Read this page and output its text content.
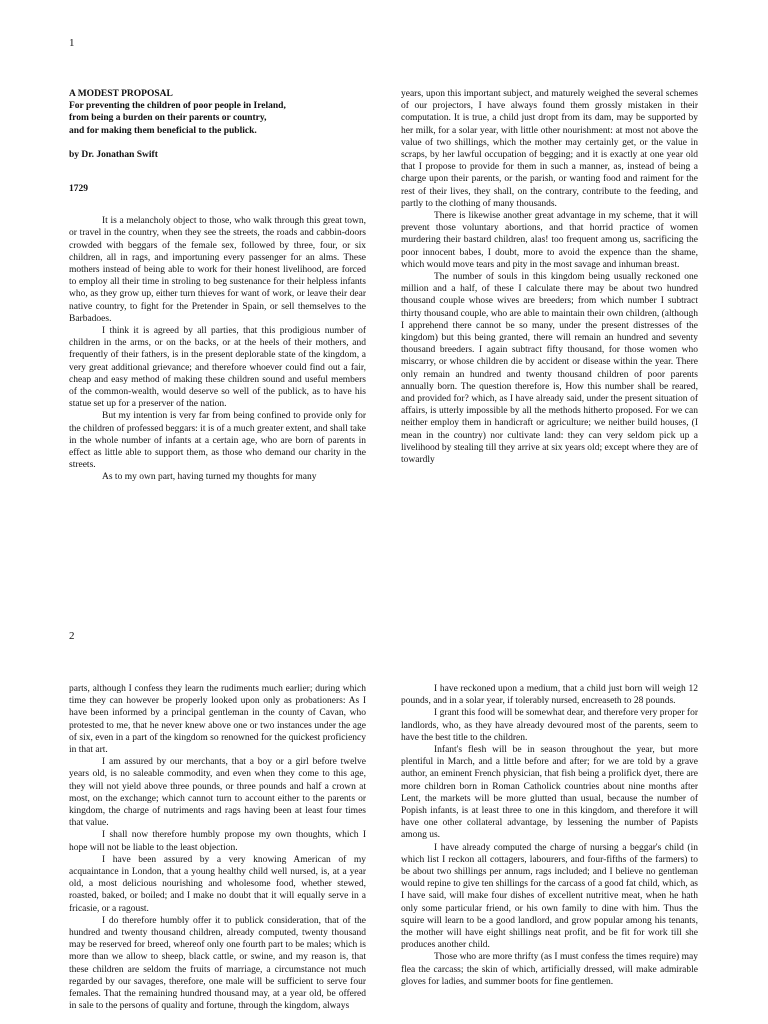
1
A MODEST PROPOSAL
For preventing the children of poor people in Ireland,
from being a burden on their parents or country,
and for making them beneficial to the publick.
by Dr. Jonathan Swift
1729

It is a melancholy object to those, who walk through this great town, or travel in the country, when they see the streets, the roads and cabbin-doors crowded with beggars of the female sex, followed by three, four, or six children, all in rags, and importuning every passenger for an alms. These mothers instead of being able to work for their honest livelihood, are forced to employ all their time in stroling to beg sustenance for their helpless infants who, as they grow up, either turn thieves for want of work, or leave their dear native country, to fight for the Pretender in Spain, or sell themselves to the Barbadoes.

I think it is agreed by all parties, that this prodigious number of children in the arms, or on the backs, or at the heels of their mothers, and frequently of their fathers, is in the present deplorable state of the kingdom, a very great additional grievance; and therefore whoever could find out a fair, cheap and easy method of making these children sound and useful members of the common-wealth, would deserve so well of the publick, as to have his statue set up for a preserver of the nation.

But my intention is very far from being confined to provide only for the children of professed beggars: it is of a much greater extent, and shall take in the whole number of infants at a certain age, who are born of parents in effect as little able to support them, as those who demand our charity in the streets.

As to my own part, having turned my thoughts for many

years, upon this important subject, and maturely weighed the several schemes of our projectors, I have always found them grossly mistaken in their computation. It is true, a child just dropt from its dam, may be supported by her milk, for a solar year, with little other nourishment: at most not above the value of two shillings, which the mother may certainly get, or the value in scraps, by her lawful occupation of begging; and it is exactly at one year old that I propose to provide for them in such a manner, as, instead of being a charge upon their parents, or the parish, or wanting food and raiment for the rest of their lives, they shall, on the contrary, contribute to the feeding, and partly to the clothing of many thousands.

There is likewise another great advantage in my scheme, that it will prevent those voluntary abortions, and that horrid practice of women murdering their bastard children, alas! too frequent among us, sacrificing the poor innocent babes, I doubt, more to avoid the expence than the shame, which would move tears and pity in the most savage and inhuman breast.

The number of souls in this kingdom being usually reckoned one million and a half, of these I calculate there may be about two hundred thousand couple whose wives are breeders; from which number I subtract thirty thousand couple, who are able to maintain their own children, (although I apprehend there cannot be so many, under the present distresses of the kingdom) but this being granted, there will remain an hundred and seventy thousand breeders. I again subtract fifty thousand, for those women who miscarry, or whose children die by accident or disease within the year. There only remain an hundred and twenty thousand children of poor parents annually born. The question therefore is, How this number shall be reared, and provided for? which, as I have already said, under the present situation of affairs, is utterly impossible by all the methods hitherto proposed. For we can neither employ them in handicraft or agriculture; we neither build houses, (I mean in the country) nor cultivate land: they can very seldom pick up a livelihood by stealing till they arrive at six years old; except where they are of towardly

2

parts, although I confess they learn the rudiments much earlier; during which time they can however be properly looked upon only as probationers: As I have been informed by a principal gentleman in the county of Cavan, who protested to me, that he never knew above one or two instances under the age of six, even in a part of the kingdom so renowned for the quickest proficiency in that art.

I am assured by our merchants, that a boy or a girl before twelve years old, is no saleable commodity, and even when they come to this age, they will not yield above three pounds, or three pounds and half a crown at most, on the exchange; which cannot turn to account either to the parents or kingdom, the charge of nutriments and rags having been at least four times that value.

I shall now therefore humbly propose my own thoughts, which I hope will not be liable to the least objection.

I have been assured by a very knowing American of my acquaintance in London, that a young healthy child well nursed, is, at a year old, a most delicious nourishing and wholesome food, whether stewed, roasted, baked, or boiled; and I make no doubt that it will equally serve in a fricasie, or a ragoust.

I do therefore humbly offer it to publick consideration, that of the hundred and twenty thousand children, already computed, twenty thousand may be reserved for breed, whereof only one fourth part to be males; which is more than we allow to sheep, black cattle, or swine, and my reason is, that these children are seldom the fruits of marriage, a circumstance not much regarded by our savages, therefore, one male will be sufficient to serve four females. That the remaining hundred thousand may, at a year old, be offered in sale to the persons of quality and fortune, through the kingdom, always

I have reckoned upon a medium, that a child just born will weigh 12 pounds, and in a solar year, if tolerably nursed, encreaseth to 28 pounds.

I grant this food will be somewhat dear, and therefore very proper for landlords, who, as they have already devoured most of the parents, seem to have the best title to the children.

Infant's flesh will be in season throughout the year, but more plentiful in March, and a little before and after; for we are told by a grave author, an eminent French physician, that fish being a prolifick dyet, there are more children born in Roman Catholick countries about nine months after Lent, the markets will be more glutted than usual, because the number of Popish infants, is at least three to one in this kingdom, and therefore it will have one other collateral advantage, by lessening the number of Papists among us.

I have already computed the charge of nursing a beggar's child (in which list I reckon all cottagers, labourers, and four-fifths of the farmers) to be about two shillings per annum, rags included; and I believe no gentleman would repine to give ten shillings for the carcass of a good fat child, which, as I have said, will make four dishes of excellent nutritive meat, when he hath only some particular friend, or his own family to dine with him. Thus the squire will learn to be a good landlord, and grow popular among his tenants, the mother will have eight shillings neat profit, and be fit for work till she produces another child.

Those who are more thrifty (as I must confess the times require) may flea the carcass; the skin of which, artificially dressed, will make admirable gloves for ladies, and summer boots for fine gentlemen.
